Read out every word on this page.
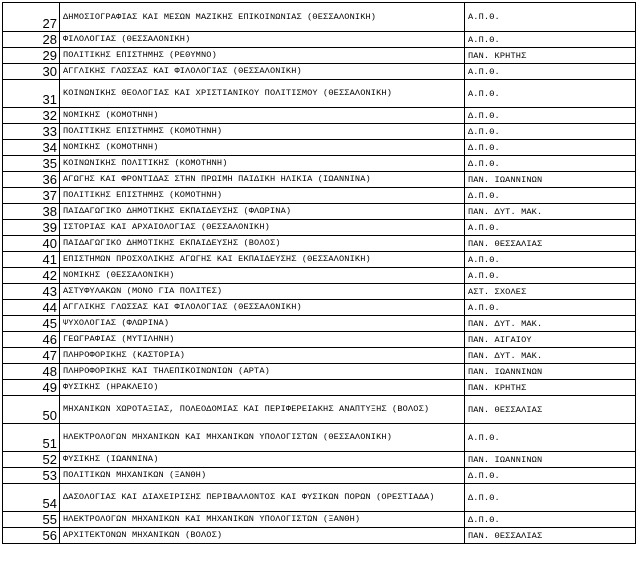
27	ΔΗΜΟΣΙΟΓΡΑΦΙΑΣ ΚΑΙ ΜΕΣΩΝ ΜΑΖΙΚΗΣ ΕΠΙΚΟΙΝΩΝΙΑΣ (ΘΕΣΣΑΛΟΝΙΚΗ)	Α.Π.Θ.
28	ΦΙΛΟΛΟΓΙΑΣ (ΘΕΣΣΑΛΟΝΙΚΗ)	Α.Π.Θ.
29	ΠΟΛΙΤΙΚΗΣ ΕΠΙΣΤΗΜΗΣ (ΡΕΘΥΜΝΟ)	ΠΑΝ. ΚΡΗΤΗΣ
30	ΑΓΓΛΙΚΗΣ ΓΛΩΣΣΑΣ ΚΑΙ ΦΙΛΟΛΟΓΙΑΣ (ΘΕΣΣΑΛΟΝΙΚΗ)	Α.Π.Θ.
31	ΚΟΙΝΩΝΙΚΗΣ ΘΕΟΛΟΓΙΑΣ ΚΑΙ ΧΡΙΣΤΙΑΝΙΚΟΥ ΠΟΛΙΤΙΣΜΟΥ (ΘΕΣΣΑΛΟΝΙΚΗ)	Α.Π.Θ.
32	ΝΟΜΙΚΗΣ (ΚΟΜΟΤΗΝΗ)	Δ.Π.Θ.
33	ΠΟΛΙΤΙΚΗΣ ΕΠΙΣΤΗΜΗΣ (ΚΟΜΟΤΗΝΗ)	Δ.Π.Θ.
34	ΝΟΜΙΚΗΣ (ΚΟΜΟΤΗΝΗ)	Δ.Π.Θ.
35	ΚΟΙΝΩΝΙΚΗΣ ΠΟΛΙΤΙΚΗΣ (ΚΟΜΟΤΗΝΗ)	Δ.Π.Θ.
36	ΑΓΩΓΗΣ ΚΑΙ ΦΡΟΝΤΙΔΑΣ ΣΤΗΝ ΠΡΩΙΜΗ ΠΑΙΔΙΚΗ ΗΛΙΚΙΑ (ΙΩΑΝΝΙΝΑ)	ΠΑΝ. ΙΩΑΝΝΙΝΩΝ
37	ΠΟΛΙΤΙΚΗΣ ΕΠΙΣΤΗΜΗΣ (ΚΟΜΟΤΗΝΗ)	Δ.Π.Θ.
38	ΠΑΙΔΑΓΩΓΙΚΟ ΔΗΜΟΤΙΚΗΣ ΕΚΠΑΙΔΕΥΣΗΣ (ΦΛΩΡΙΝΑ)	ΠΑΝ. ΔΥΤ. ΜΑΚ.
39	ΙΣΤΟΡΙΑΣ ΚΑΙ ΑΡΧΑΙΟΛΟΓΙΑΣ (ΘΕΣΣΑΛΟΝΙΚΗ)	Α.Π.Θ.
40	ΠΑΙΔΑΓΩΓΙΚΟ ΔΗΜΟΤΙΚΗΣ ΕΚΠΑΙΔΕΥΣΗΣ (ΒΟΛΟΣ)	ΠΑΝ. ΘΕΣΣΑΛΙΑΣ
41	ΕΠΙΣΤΗΜΩΝ ΠΡΟΣΧΟΛΙΚΗΣ ΑΓΩΓΗΣ ΚΑΙ ΕΚΠΑΙΔΕΥΣΗΣ (ΘΕΣΣΑΛΟΝΙΚΗ)	Α.Π.Θ.
42	ΝΟΜΙΚΗΣ (ΘΕΣΣΑΛΟΝΙΚΗ)	Α.Π.Θ.
43	ΑΣΤΥΦΥΛΑΚΩΝ (ΜΟΝΟ ΓΙΑ ΠΟΛΙΤΕΣ)	ΑΣΤ. ΣΧΟΛΕΣ
44	ΑΓΓΛΙΚΗΣ ΓΛΩΣΣΑΣ ΚΑΙ ΦΙΛΟΛΟΓΙΑΣ (ΘΕΣΣΑΛΟΝΙΚΗ)	Α.Π.Θ.
45	ΨΥΧΟΛΟΓΙΑΣ (ΦΛΩΡΙΝΑ)	ΠΑΝ. ΔΥΤ. ΜΑΚ.
46	ΓΕΩΓΡΑΦΙΑΣ (ΜΥΤΙΛΗΝΗ)	ΠΑΝ. ΑΙΓΑΙΟΥ
47	ΠΛΗΡΟΦΟΡΙΚΗΣ (ΚΑΣΤΟΡΙΑ)	ΠΑΝ. ΔΥΤ. ΜΑΚ.
48	ΠΛΗΡΟΦΟΡΙΚΗΣ ΚΑΙ ΤΗΛΕΠΙΚΟΙΝΩΝΙΩΝ (ΑΡΤΑ)	ΠΑΝ. ΙΩΑΝΝΙΝΩΝ
49	ΦΥΣΙΚΗΣ (ΗΡΑΚΛΕΙΟ)	ΠΑΝ. ΚΡΗΤΗΣ
50	ΜΗΧΑΝΙΚΩΝ ΧΩΡΟΤΑΞΙΑΣ, ΠΟΛΕΟΔΟΜΙΑΣ ΚΑΙ ΠΕΡΙΦΕΡΕΙΑΚΗΣ ΑΝΑΠΤΥΞΗΣ (ΒΟΛΟΣ)	ΠΑΝ. ΘΕΣΣΑΛΙΑΣ
51	ΗΛΕΚΤΡΟΛΟΓΩΝ ΜΗΧΑΝΙΚΩΝ ΚΑΙ ΜΗΧΑΝΙΚΩΝ ΥΠΟΛΟΓΙΣΤΩΝ (ΘΕΣΣΑΛΟΝΙΚΗ)	Α.Π.Θ.
52	ΦΥΣΙΚΗΣ (ΙΩΑΝΝΙΝΑ)	ΠΑΝ. ΙΩΑΝΝΙΝΩΝ
53	ΠΟΛΙΤΙΚΩΝ ΜΗΧΑΝΙΚΩΝ (ΞΑΝΘΗ)	Δ.Π.Θ.
54	ΔΑΣΟΛΟΓΙΑΣ ΚΑΙ ΔΙΑΧΕΙΡΙΣΗΣ ΠΕΡΙΒΑΛΛΟΝΤΟΣ ΚΑΙ ΦΥΣΙΚΩΝ ΠΟΡΩΝ (ΟΡΕΣΤΙΑΔΑ)	Δ.Π.Θ.
55	ΗΛΕΚΤΡΟΛΟΓΩΝ ΜΗΧΑΝΙΚΩΝ ΚΑΙ ΜΗΧΑΝΙΚΩΝ ΥΠΟΛΟΓΙΣΤΩΝ (ΞΑΝΘΗ)	Δ.Π.Θ.
56	ΑΡΧΙΤΕΚΤΟΝΩΝ ΜΗΧΑΝΙΚΩΝ (ΒΟΛΟΣ)	ΠΑΝ. ΘΕΣΣΑΛΙΑΣ
